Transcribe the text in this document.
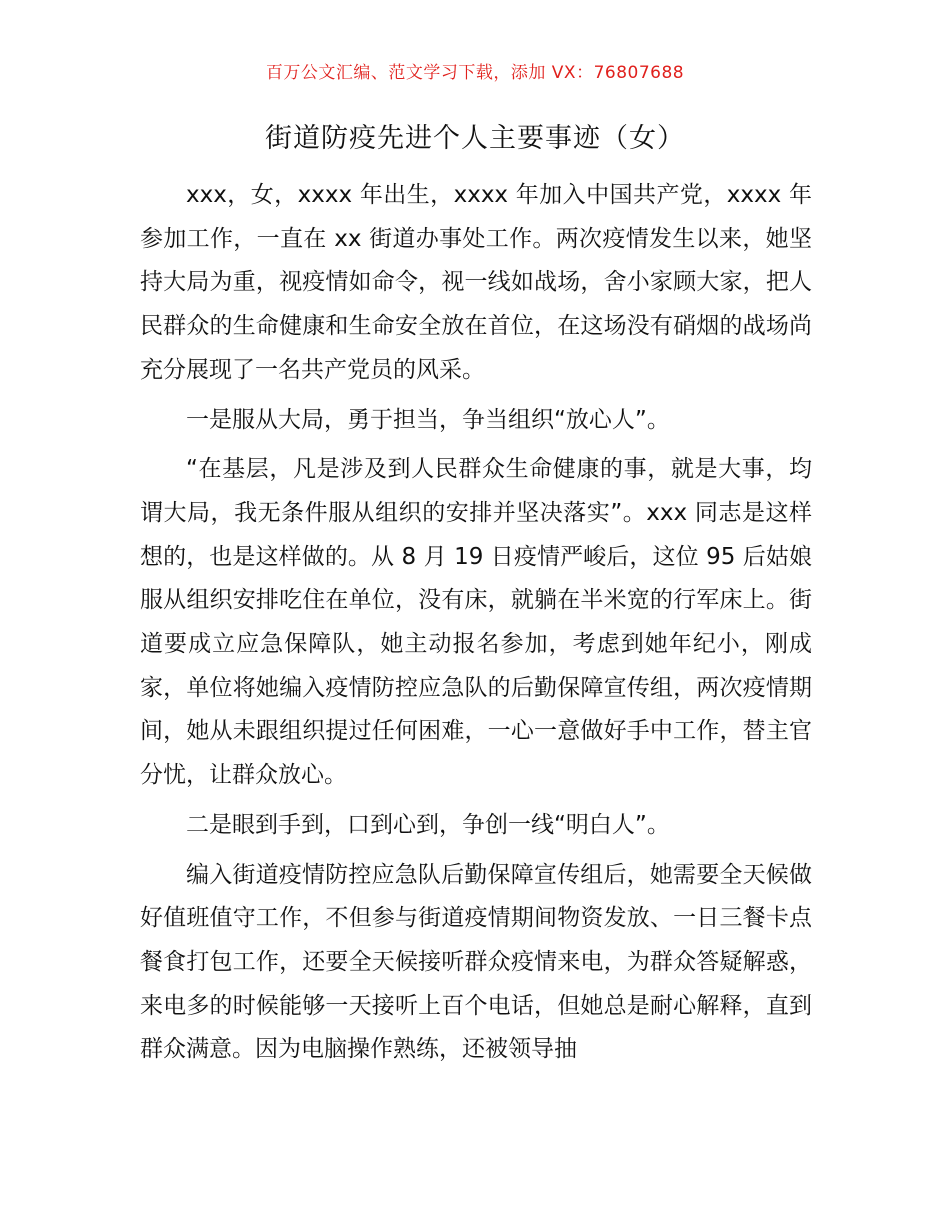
百万公文汇编、范文学习下载，添加 VX：76807688
街道防疫先进个人主要事迹（女）

xxx，女，xxxx 年出生，xxxx 年加入中国共产党，xxxx 年参加工作，一直在 xx 街道办事处工作。两次疫情发生以来，她坚持大局为重，视疫情如命令，视一线如战场，舍小家顾大家，把人民群众的生命健康和生命安全放在首位，在这场没有硝烟的战场尚充分展现了一名共产党员的风采。

一是服从大局，勇于担当，争当组织“放心人”。

“在基层，凡是涉及到人民群众生命健康的事，就是大事，均谓大局，我无条件服从组织的安排并坚决落实”。xxx 同志是这样想的，也是这样做的。从 8 月 19 日疫情严峻后，这位 95 后姑娘服从组织安排吃住在单位，没有床，就躺在半米宽的行军床上。街道要成立应急保障队，她主动报名参加，考虑到她年纪小，刚成家，单位将她编入疫情防控应急队的后勤保障宣传组，两次疫情期间，她从未跟组织提过任何困难，一心一意做好手中工作，替主官分忧，让群众放心。

二是眼到手到，口到心到，争创一线“明白人”。

编入街道疫情防控应急队后勤保障宣传组后，她需要全天候做好值班值守工作，不但参与街道疫情期间物资发放、一日三餐卡点餐食打包工作，还要全天候接听群众疫情来电，为群众答疑解惑，来电多的时候能够一天接听上百个电话，但她总是耐心解释，直到群众满意。因为电脑操作熟练，还被领导抽
